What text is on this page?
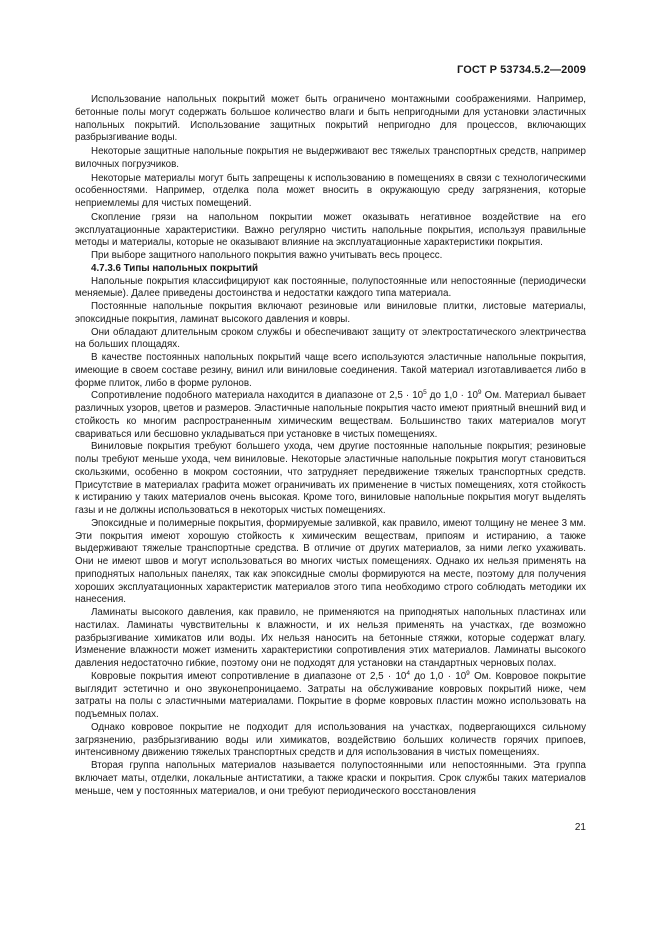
ГОСТ Р 53734.5.2—2009

Использование напольных покрытий может быть ограничено монтажными соображениями. Например, бетонные полы могут содержать большое количество влаги и быть непригодными для установки эластичных напольных покрытий. Использование защитных покрытий непригодно для процессов, включающих разбрызгивание воды.

Некоторые защитные напольные покрытия не выдерживают вес тяжелых транспортных средств, например вилочных погрузчиков.

Некоторые материалы могут быть запрещены к использованию в помещениях в связи с технологическими особенностями. Например, отделка пола может вносить в окружающую среду загрязнения, которые неприемлемы для чистых помещений.

Скопление грязи на напольном покрытии может оказывать негативное воздействие на его эксплуатационные характеристики. Важно регулярно чистить напольные покрытия, используя правильные методы и материалы, которые не оказывают влияние на эксплуатационные характеристики покрытия.

При выборе защитного напольного покрытия важно учитывать весь процесс.

4.7.3.6 Типы напольных покрытий

Напольные покрытия классифицируют как постоянные, полупостоянные или непостоянные (периодически меняемые). Далее приведены достоинства и недостатки каждого типа материала.

Постоянные напольные покрытия включают резиновые или виниловые плитки, листовые материалы, эпоксидные покрытия, ламинат высокого давления и ковры.

Они обладают длительным сроком службы и обеспечивают защиту от электростатического электричества на больших площадях.

В качестве постоянных напольных покрытий чаще всего используются эластичные напольные покрытия, имеющие в своем составе резину, винил или виниловые соединения. Такой материал изготавливается либо в форме плиток, либо в форме рулонов.

Сопротивление подобного материала находится в диапазоне от $2,5 \cdot 10^5$ до $1,0 \cdot 10^9$ Ом. Материал бывает различных узоров, цветов и размеров. Эластичные напольные покрытия часто имеют приятный внешний вид и стойкость ко многим распространенным химическим веществам. Большинство таких материалов могут свариваться или бесшовно укладываться при установке в чистых помещениях.

Виниловые покрытия требуют большего ухода, чем другие постоянные напольные покрытия; резиновые полы требуют меньше ухода, чем виниловые. Некоторые эластичные напольные покрытия могут становиться скользкими, особенно в мокром состоянии, что затрудняет передвижение тяжелых транспортных средств. Присутствие в материалах графита может ограничивать их применение в чистых помещениях, хотя стойкость к истиранию у таких материалов очень высокая. Кроме того, виниловые напольные покрытия могут выделять газы и не должны использоваться в некоторых чистых помещениях.

Эпоксидные и полимерные покрытия, формируемые заливкой, как правило, имеют толщину не менее 3 мм. Эти покрытия имеют хорошую стойкость к химическим веществам, припоям и истиранию, а также выдерживают тяжелые транспортные средства. В отличие от других материалов, за ними легко ухаживать. Они не имеют швов и могут использоваться во многих чистых помещениях. Однако их нельзя применять на приподнятых напольных панелях, так как эпоксидные смолы формируются на месте, поэтому для получения хороших эксплуатационных характеристик материалов этого типа необходимо строго соблюдать методики их нанесения.

Ламинаты высокого давления, как правило, не применяются на приподнятых напольных пластинах или настилах. Ламинаты чувствительны к влажности, и их нельзя применять на участках, где возможно разбрызгивание химикатов или воды. Их нельзя наносить на бетонные стяжки, которые содержат влагу. Изменение влажности может изменить характеристики сопротивления этих материалов. Ламинаты высокого давления недостаточно гибкие, поэтому они не подходят для установки на стандартных черновых полах.

Ковровые покрытия имеют сопротивление в диапазоне от $2,5 \cdot 10^4$ до $1,0 \cdot 10^9$ Ом. Ковровое покрытие выглядит эстетично и оно звуконепроницаемо. Затраты на обслуживание ковровых покрытий ниже, чем затраты на полы с эластичными материалами. Покрытие в форме ковровых пластин можно использовать на подъемных полах.

Однако ковровое покрытие не подходит для использования на участках, подвергающихся сильному загрязнению, разбрызгиванию воды или химикатов, воздействию больших количеств горячих припоев, интенсивному движению тяжелых транспортных средств и для использования в чистых помещениях.

Вторая группа напольных материалов называется полупостоянными или непостоянными. Эта группа включает маты, отделки, локальные антистатики, а также краски и покрытия. Срок службы таких материалов меньше, чем у постоянных материалов, и они требуют периодического восстановления

21
